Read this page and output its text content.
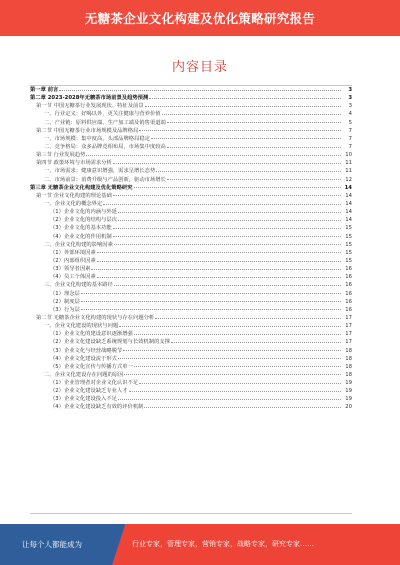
无糖茶企业文化构建及优化策略研究报告
内容目录
第一章 前言	3
第二章 2023-2028年无糖茶市场前景及趋势预测	3
第一节 中国无糖茶行业发展现状、特征及前景	3
一、行业定义：好喝以外，更关注健康与营养价值	4
二、产业链：原料供应端、生产加工端及销售渠道端	5
第二节 中国无糖茶行业市场规模及品牌格局	7
一、市场规模：集中度高，头部品牌格局稳定	7
二、竞争格局：众多品牌竞相布局，市场集中度较高	7
第三节 行业发展趋势	10
第四节 政策环境与市场需求分析	11
一、市场需求：健康意识增强，需求呈增长态势	11
二、市场前景：消费升级与产品创新，驱动市场增长	12
第三章 无糖茶企业文化构建及优化策略研究	14
第一节 企业文化构建的理论基础	14
一、企业文化的概念界定	14
（1）企业文化的内涵与外延	14
（2）企业文化的结构与层次	14
（3）企业文化的基本功能	15
（4）企业文化的作用机制	15
二、企业文化构建的影响因素	15
（1）外部环境因素	15
（2）内部组织因素	15
（3）领导者因素	16
（4）员工个体因素	16
三、企业文化构建的基本路径	16
（1）理念层	16
（2）制度层	16
（3）行为层	16
第二节 无糖茶企业文化构建的现状与存在问题分析	17
一、企业文化建设的现状与问题	17
（1）企业文化的建设意识逐渐增强	17
（2）企业文化建设缺乏系统规划与长效机制的支撑	17
（3）企业文化与经营战略脱节	18
（4）企业文化建设流于形式	18
（5）企业文化宣传与传播方式单一	18
二、企业文化建设存在问题的原因	18
（1）企业管理者对企业文化认识不足	19
（2）企业文化建设缺乏专业人才	19
（3）企业文化建设投入不足	19
（4）企业文化建设缺乏有效的评价机制	20
让每个人都能成为	行业专家，管理专家，营销专家，战略专家，研究专家……
